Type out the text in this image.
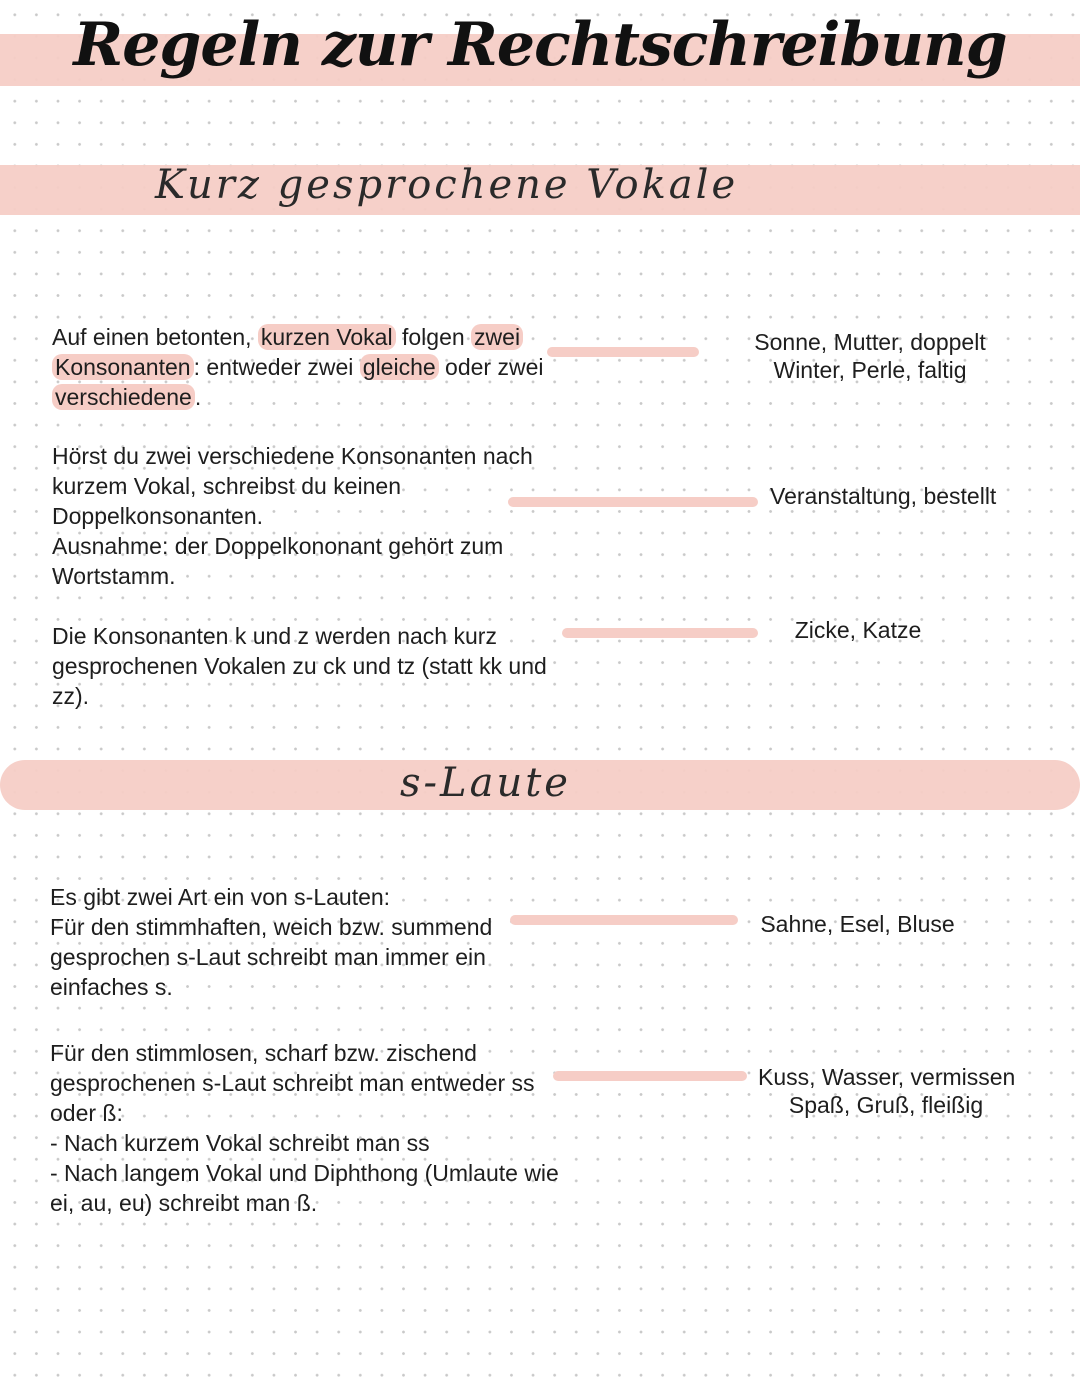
Regeln zur Rechtschreibung
Kurz gesprochene Vokale
Auf einen betonten, kurzen Vokal folgen zwei
Konsonanten : entweder zwei gleiche oder zwei
verschiedene .
Sonne, Mutter, doppelt
Winter, Perle, faltig
Hörst du zwei verschiedene Konsonanten nach
kurzem Vokal, schreibst du keinen
Doppelkonsonanten.
Ausnahme: der Doppelkononant gehört zum
Wortstamm.
Veranstaltung, bestellt
Die Konsonanten k und z werden nach kurz
gesprochenen Vokalen zu ck und tz (statt kk und
zz).
Zicke, Katze
s-Laute
Es gibt zwei Art ein von s-Lauten:
Für den stimmhaften, weich bzw. summend
gesprochen s-Laut schreibt man immer ein
einfaches s.
Sahne, Esel, Bluse
Für den stimmlosen, scharf bzw. zischend
gesprochenen s-Laut schreibt man entweder ss
oder ß:
- Nach kurzem Vokal schreibt man ss
- Nach langem Vokal und Diphthong (Umlaute wie
ei, au, eu) schreibt man ß.
Kuss, Wasser, vermissen
Spaß, Gruß, fleißig
